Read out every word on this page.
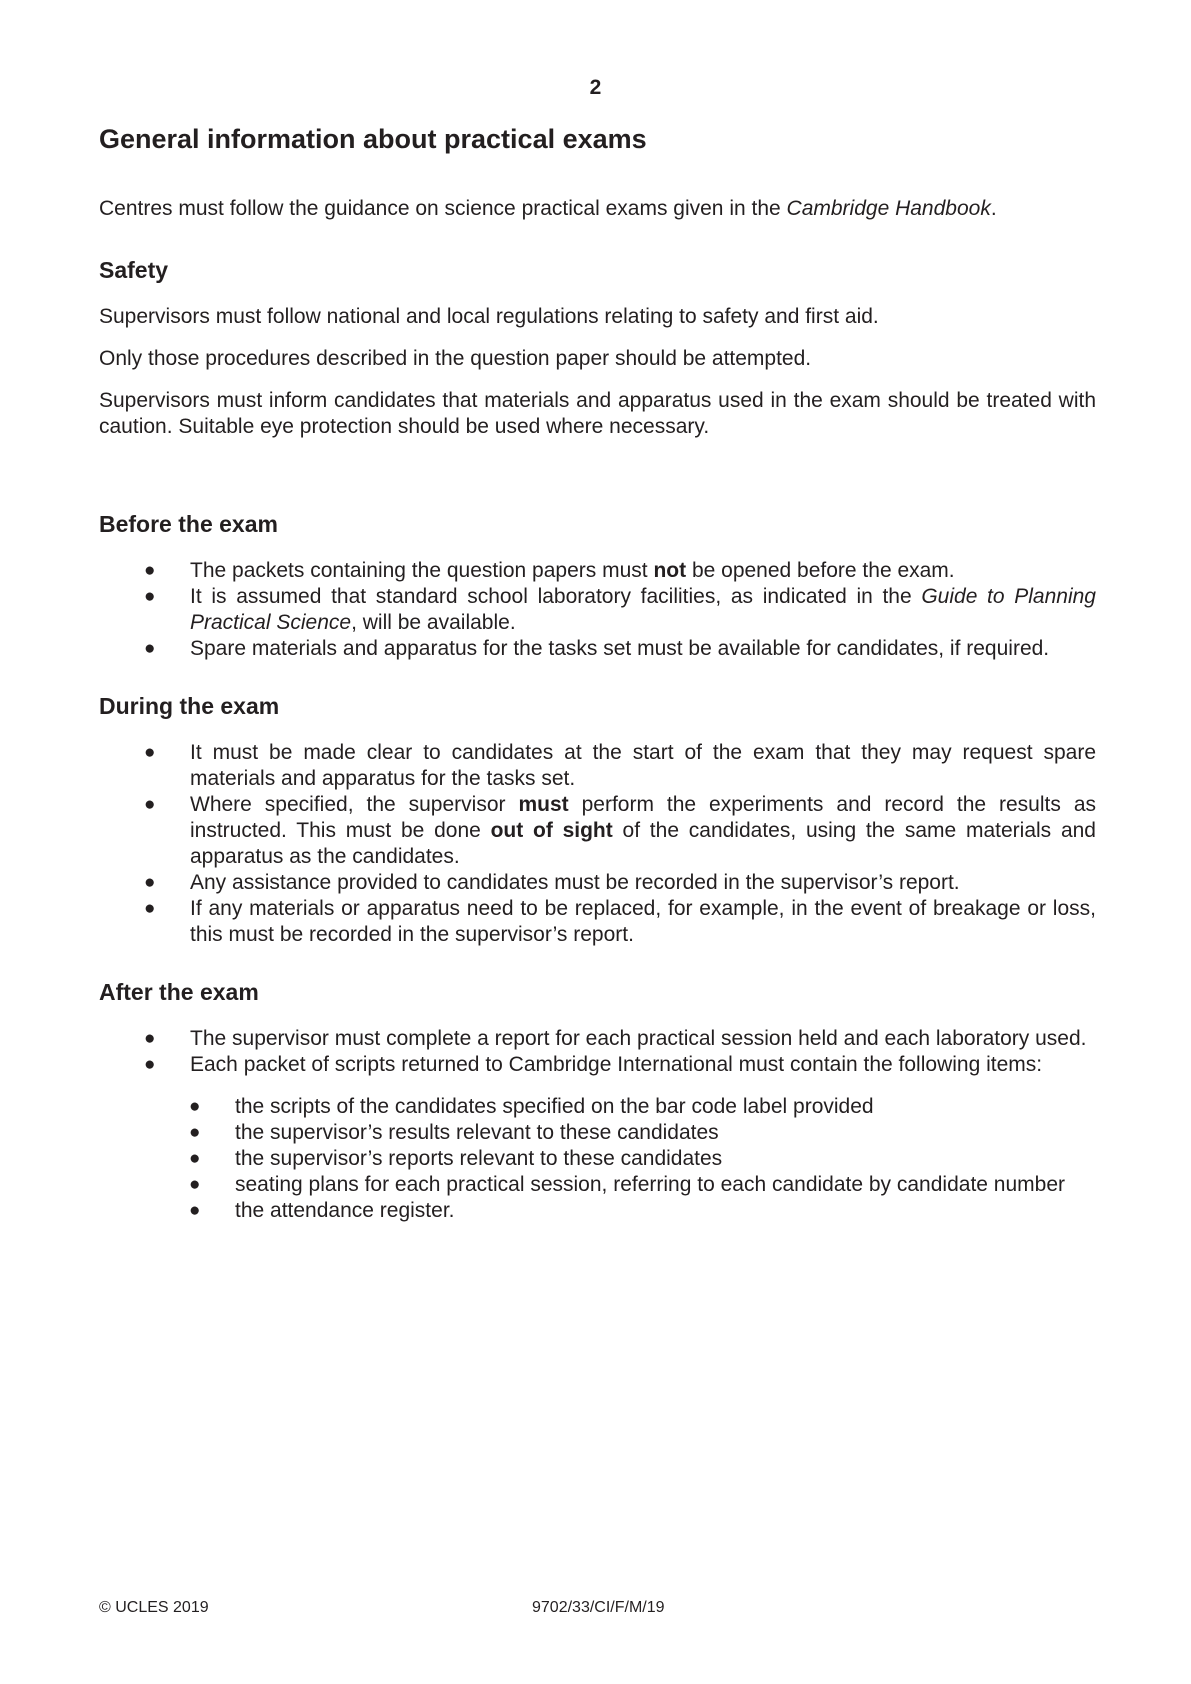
2
General information about practical exams

Centres must follow the guidance on science practical exams given in the Cambridge Handbook.

Safety

Supervisors must follow national and local regulations relating to safety and first aid.

Only those procedures described in the question paper should be attempted.

Supervisors must inform candidates that materials and apparatus used in the exam should be treated with caution. Suitable eye protection should be used where necessary.

Before the exam
● The packets containing the question papers must not be opened before the exam.
● It is assumed that standard school laboratory facilities, as indicated in the Guide to Planning Practical Science, will be available.
● Spare materials and apparatus for the tasks set must be available for candidates, if required.
During the exam
● It must be made clear to candidates at the start of the exam that they may request spare materials and apparatus for the tasks set.
● Where specified, the supervisor must perform the experiments and record the results as instructed. This must be done out of sight of the candidates, using the same materials and apparatus as the candidates.
● Any assistance provided to candidates must be recorded in the supervisor’s report.
● If any materials or apparatus need to be replaced, for example, in the event of breakage or loss, this must be recorded in the supervisor’s report.
After the exam
● The supervisor must complete a report for each practical session held and each laboratory used.
● Each packet of scripts returned to Cambridge International must contain the following items:
● the scripts of the candidates specified on the bar code label provided
● the supervisor’s results relevant to these candidates
● the supervisor’s reports relevant to these candidates
● seating plans for each practical session, referring to each candidate by candidate number
● the attendance register.
© UCLES 2019	9702/33/CI/F/M/19
